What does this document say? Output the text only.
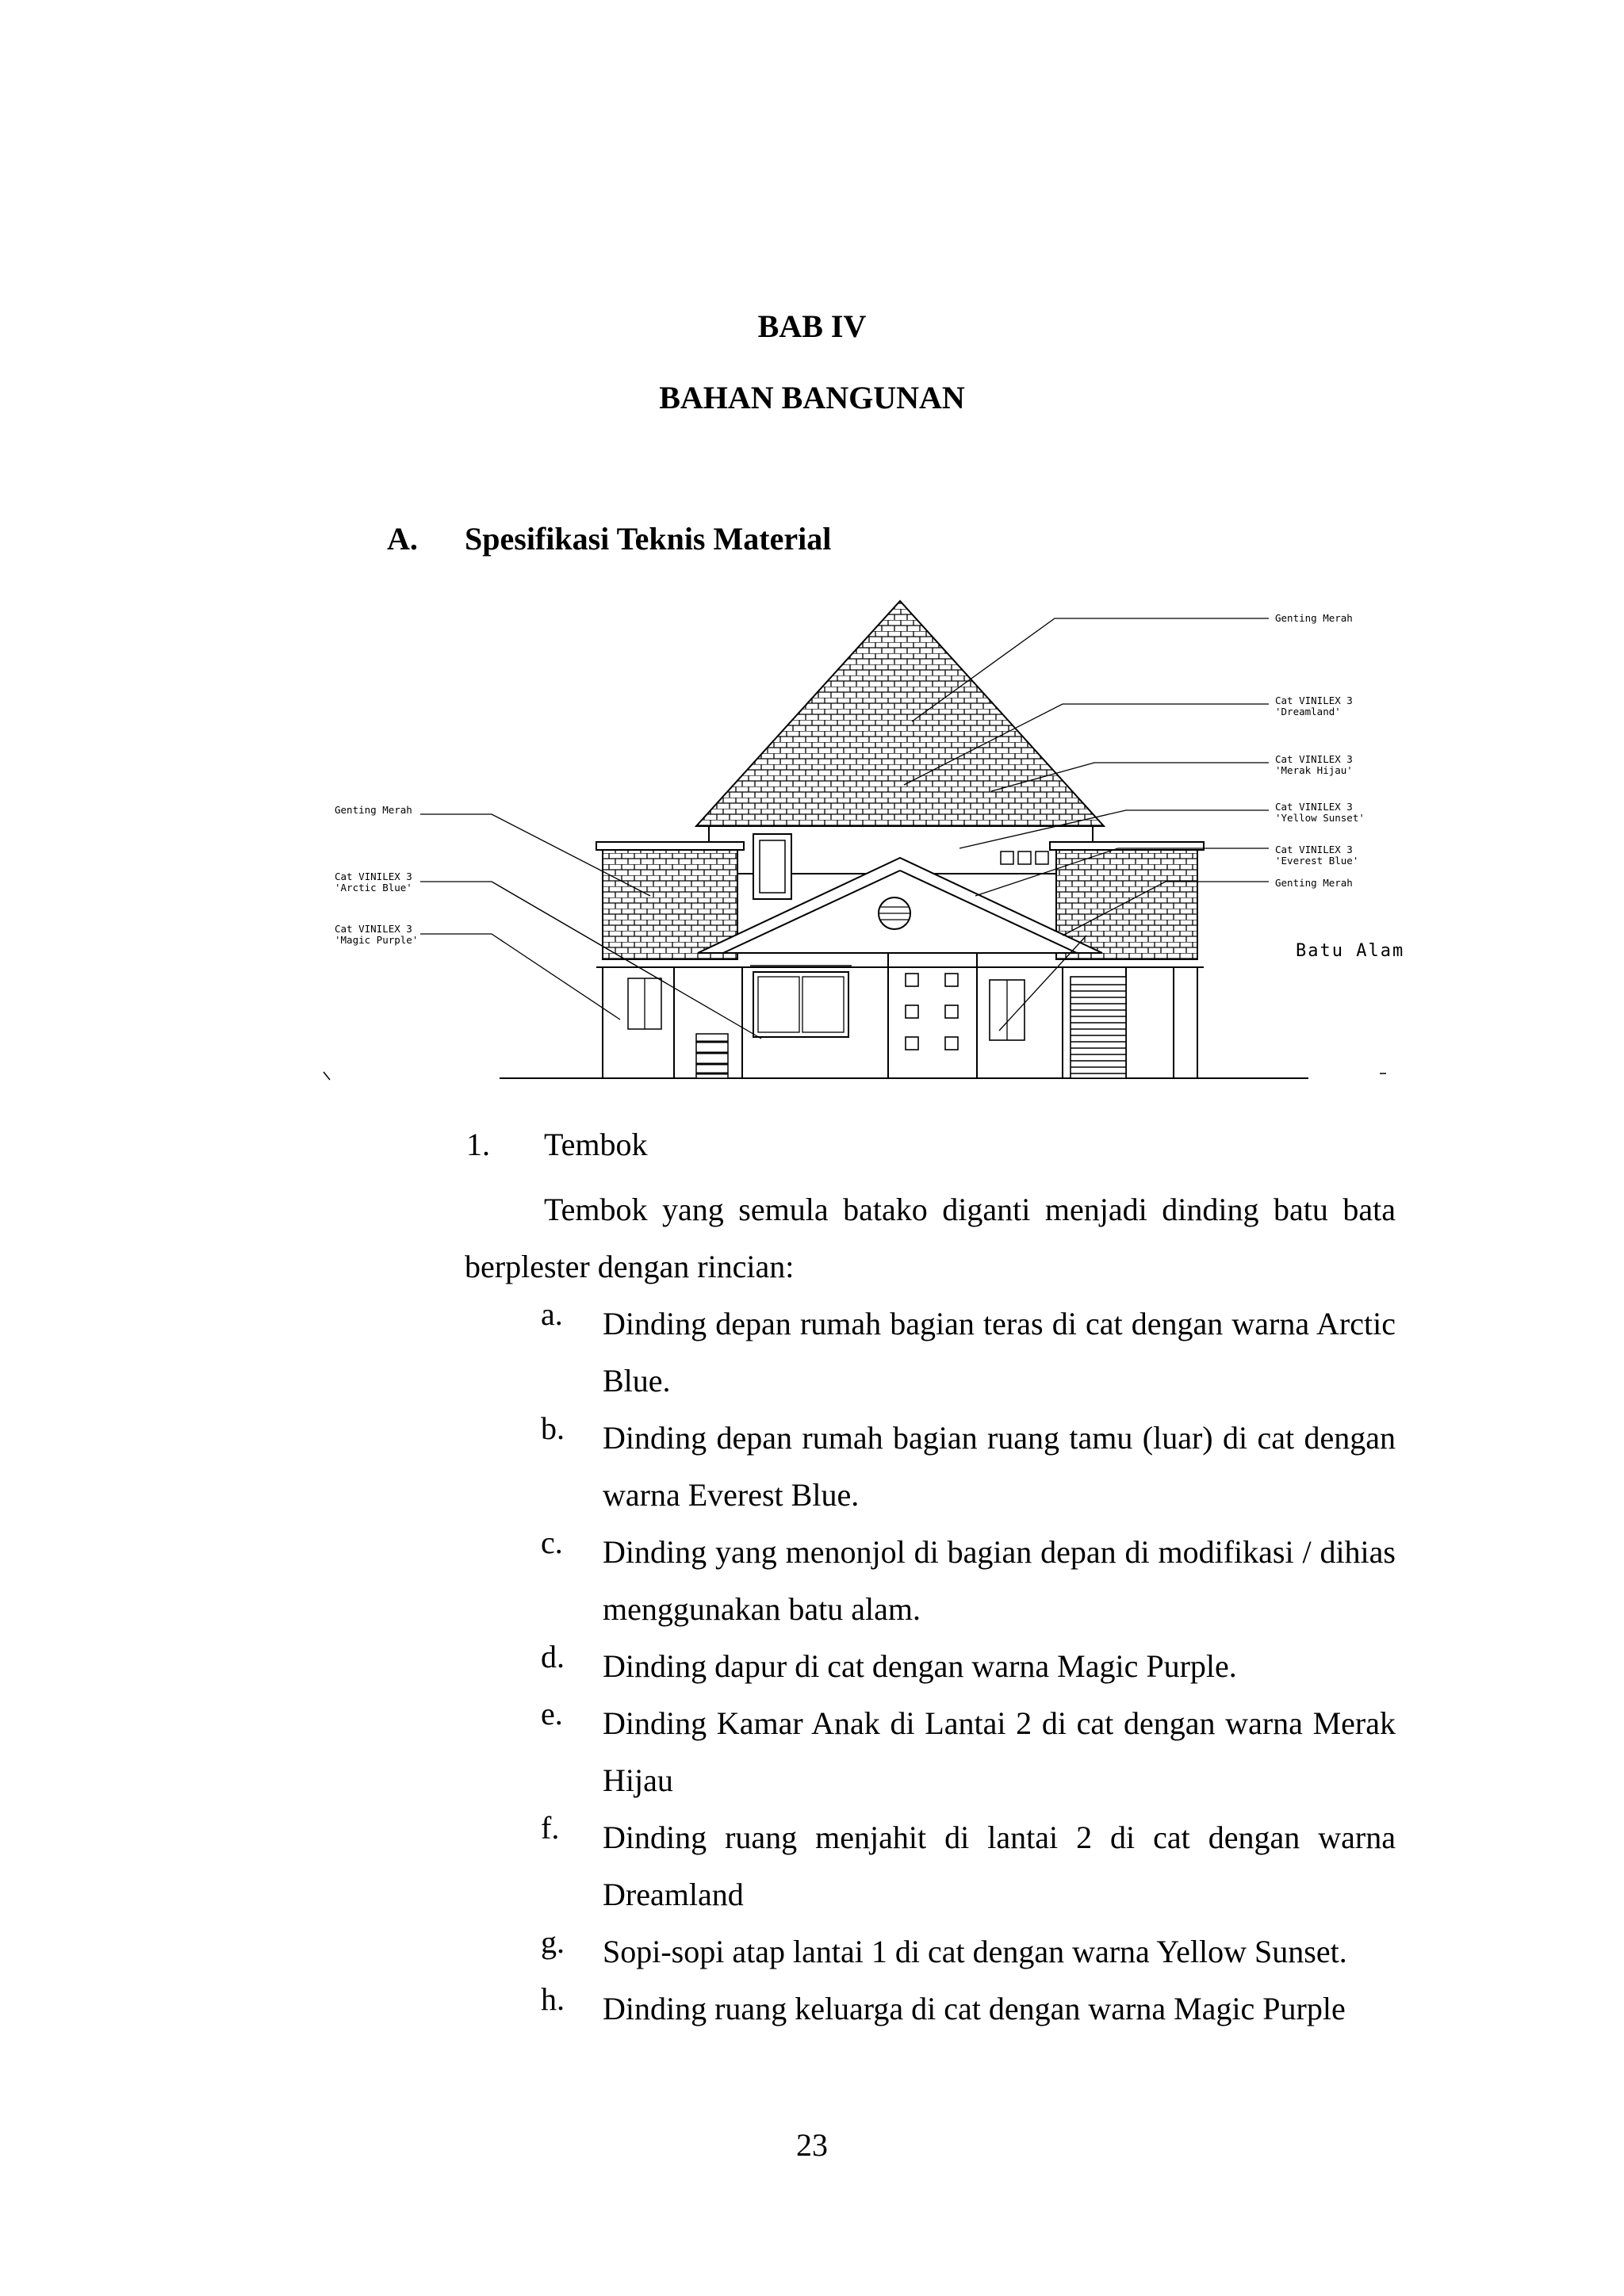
BAB IV
BAHAN BANGUNAN
A. Spesifikasi Teknis Material
Genting Merah
Cat VINILEX 3
'Dreamland'
Cat VINILEX 3
'Merak Hijau'
Cat VINILEX 3
'Yellow Sunset'
Cat VINILEX 3
'Everest Blue'
Genting Merah
Batu Alam
Genting Merah
Cat VINILEX 3
'Arctic Blue'
Cat VINILEX 3
'Magic Purple'
1. Tembok
Tembok yang semula batako diganti menjadi dinding batu bata berplester dengan rincian:
a.	Dinding depan rumah bagian teras di cat dengan warna Arctic Blue.
b.	Dinding depan rumah bagian ruang tamu (luar) di cat dengan warna Everest Blue.
c.	Dinding yang menonjol di bagian depan di modifikasi / dihias menggunakan batu alam.
d.	Dinding dapur di cat dengan warna Magic Purple.
e.	Dinding Kamar Anak di Lantai 2 di cat dengan warna Merak Hijau
f.	Dinding ruang menjahit di lantai 2 di cat dengan warna Dreamland
g.	Sopi-sopi atap lantai 1 di cat dengan warna Yellow Sunset.
h.	Dinding ruang keluarga di cat dengan warna Magic Purple
23
